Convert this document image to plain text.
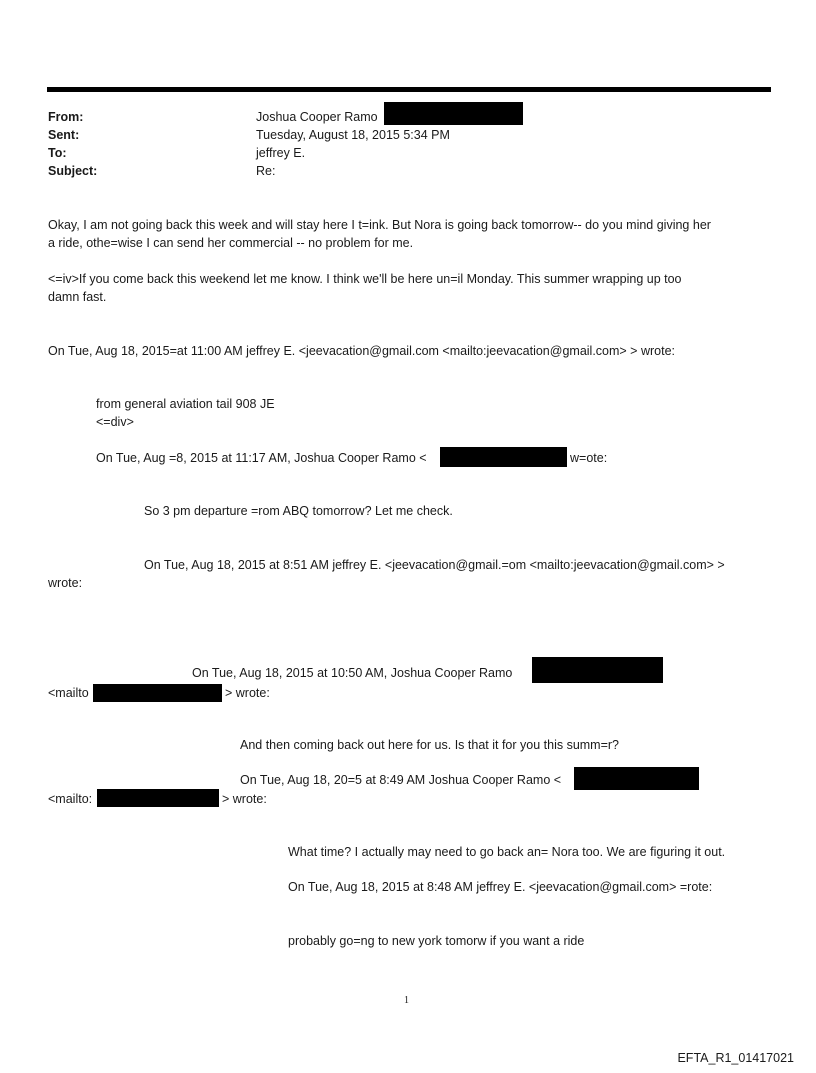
From:	Joshua Cooper Ramo
Sent:	Tuesday, August 18, 2015 5:34 PM
To:	jeffrey E.
Subject:	Re:
Okay, I am not going back this week and will stay here I t=ink. But Nora is going back tomorrow-- do you mind giving her
a ride, othe=wise I can send her commercial -- no problem for me.
<=iv>If you come back this weekend let me know. I think we'll be here un=il Monday. This summer wrapping up too
damn fast.
On Tue, Aug 18, 2015=at 11:00 AM jeffrey E. <jeevacation@gmail.com <mailto:jeevacation@gmail.com> > wrote:
from general aviation tail 908 JE
<=div>
On Tue, Aug =8, 2015 at 11:17 AM, Joshua Cooper Ramo <	w=ote:
So 3 pm departure =rom ABQ tomorrow? Let me check.
On Tue, Aug 18, 2015 at 8:51 AM jeffrey E. <jeevacation@gmail.=om <mailto:jeevacation@gmail.com> >
wrote:
On Tue, Aug 18, 2015 at 10:50 AM, Joshua Cooper Ramo
<mailto	> wrote:
And then coming back out here for us. Is that it for you this summ=r?
On Tue, Aug 18, 20=5 at 8:49 AM Joshua Cooper Ramo <
<mailto:	> wrote:
What time? I actually may need to go back an= Nora too. We are figuring it out.
On Tue, Aug 18, 2015 at 8:48 AM jeffrey E. <jeevacation@gmail.com> =rote:
probably go=ng to new york tomorw if you want a ride
1
EFTA_R1_01417021
